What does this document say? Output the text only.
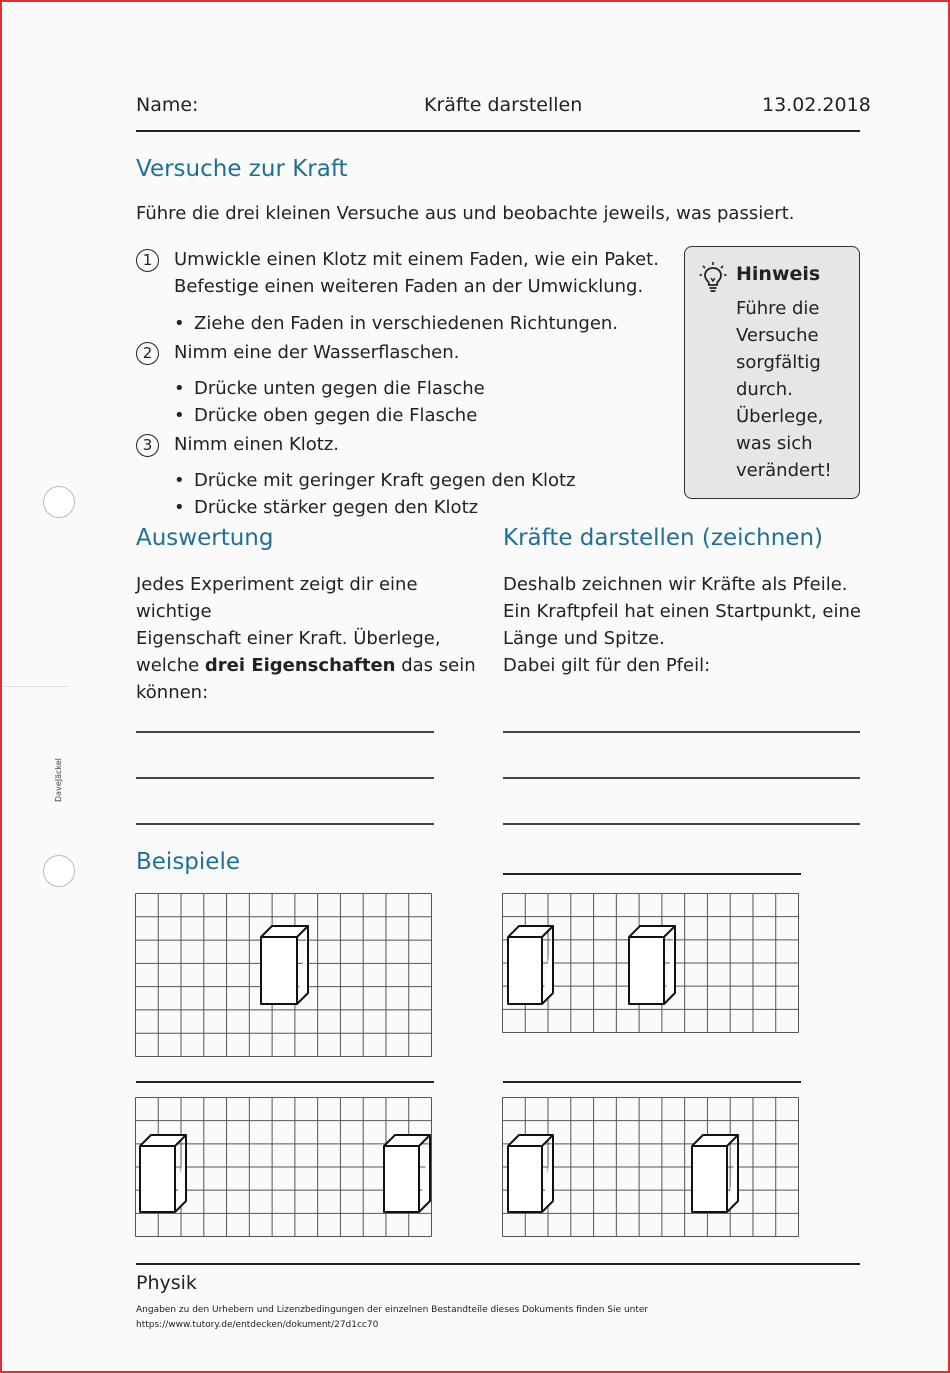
Name:	Kräfte darstellen	13.02.2018
Versuche zur Kraft
Führe die drei kleinen Versuche aus und beobachte jeweils, was passiert.
1	Umwickle einen Klotz mit einem Faden, wie ein Paket.
Befestige einen weiteren Faden an der Umwicklung.
• Ziehe den Faden in verschiedenen Richtungen.
2	Nimm eine der Wasserflaschen.
• Drücke unten gegen die Flasche
• Drücke oben gegen die Flasche
3	Nimm einen Klotz.
• Drücke mit geringer Kraft gegen den Klotz
• Drücke stärker gegen den Klotz
Hinweis
Führe die
Versuche
sorgfältig
durch.
Überlege,
was sich
verändert!
Auswertung
Jedes Experiment zeigt dir eine wichtige
Eigenschaft einer Kraft. Überlege,
welche drei Eigenschaften das sein
können:
Kräfte darstellen (zeichnen)
Deshalb zeichnen wir Kräfte als Pfeile.
Ein Kraftpfeil hat einen Startpunkt, eine
Länge und Spitze.
Dabei gilt für den Pfeil:
DaveJäckel
Beispiele
Physik
Angaben zu den Urhebern und Lizenzbedingungen der einzelnen Bestandteile dieses Dokuments finden Sie unter
https://www.tutory.de/entdecken/dokument/27d1cc70
